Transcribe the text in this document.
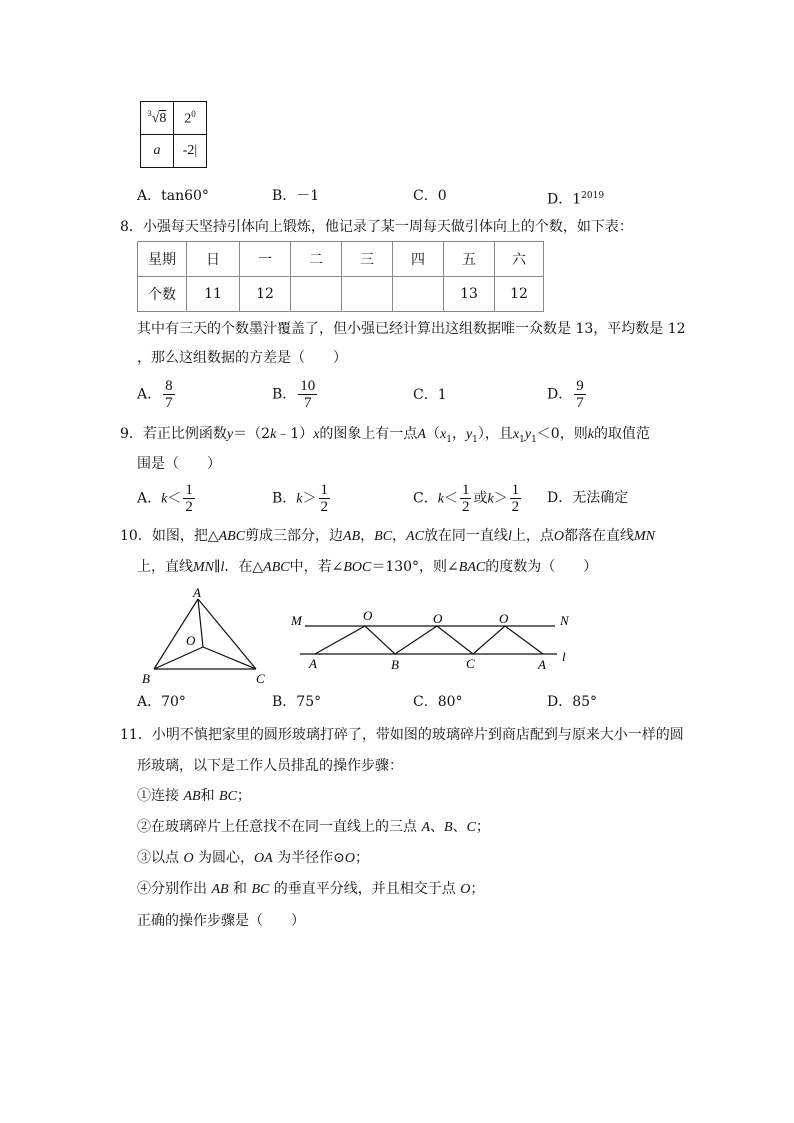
$^3$√8	$2^0$
a	-2|
A．tan60°	B．－1	C．0	D．$1^{2019}$
8．小强每天坚持引体向上锻炼，他记录了某一周每天做引体向上的个数，如下表：
星期	日	一	二	三	四	五	六
个数	11	12				13	12
其中有三天的个数墨汁覆盖了，但小强已经计算出这组数据唯一众数是 13，平均数是 12
，那么这组数据的方差是（　　）
A． $\frac{8}{7}$	B． $\frac{10}{7}$	C．1	D． $\frac{9}{7}$
9．若正比例函数y＝（2k﹣1）x的图象上有一点$A(x_1$，$y_1$），且$x_1y_1<0$，则k的取值范
围是（　　）
A．$k< \frac{1}{2}$	B．$k> \frac{1}{2}$	C．$k< \frac{1}{2}$ 或$k> \frac{1}{2}$ D．无法确定
10．如图，把△ABC剪成三部分，边AB，BC，AC放在同一直线l上，点O都落在直线MN
上，直线MN∥l．在△ABC中，若∠BOC＝130°，则∠BAC的度数为（　　）
A
B	C
O
M	N
O	O	O
A	B	C	A
l
A．70°	B．75°	C．80°	D．85°
11．小明不慎把家里的圆形玻璃打碎了，带如图的玻璃碎片到商店配到与原来大小一样的圆
形玻璃，以下是工作人员排乱的操作步骤：
①连接 AB和 BC；
②在玻璃碎片上任意找不在同一直线上的三点 A、B、C；
③以点 O 为圆心，OA 为半径作⊙O；
④分别作出 AB 和 BC 的垂直平分线，并且相交于点 O；
正确的操作步骤是（　　）
